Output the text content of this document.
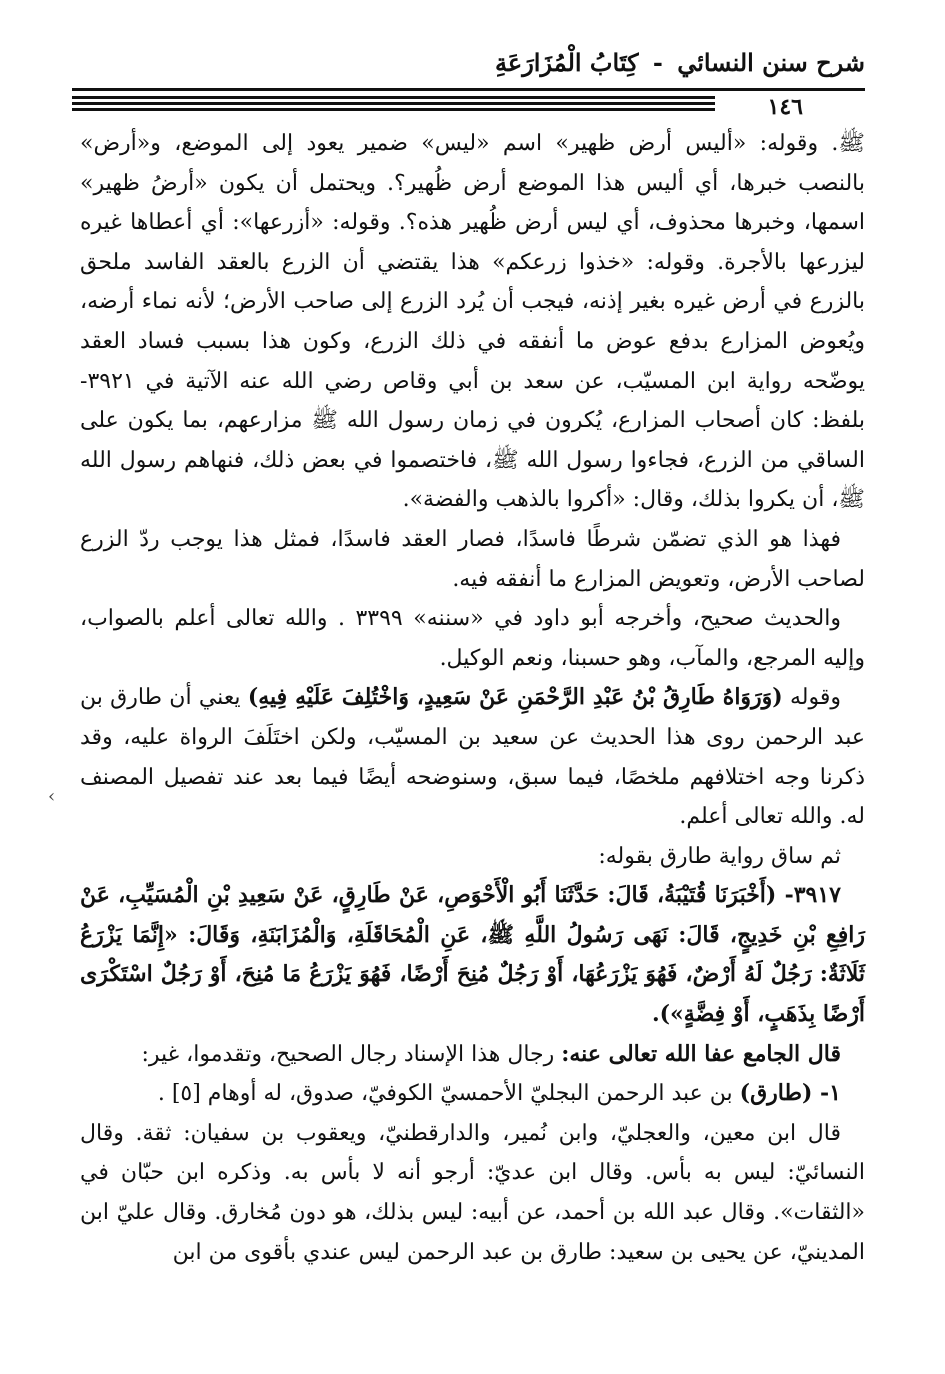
شرح سنن النسائي - كِتَابُ الْمُزَارَعَةِ
١٤٦

ﷺ. وقوله: «أليس أرض ظهير» اسم «ليس» ضمير يعود إلى الموضع، و«أرض» بالنصب خبرها، أي أليس هذا الموضع أرض ظُهير؟. ويحتمل أن يكون «أرضُ ظهير» اسمها، وخبرها محذوف، أي ليس أرض ظُهير هذه؟. وقوله: «أزرعها»: أي أعطاها غيره ليزرعها بالأجرة. وقوله: «خذوا زرعكم» هذا يقتضي أن الزرع بالعقد الفاسد ملحق بالزرع في أرض غيره بغير إذنه، فيجب أن يُرد الزرع إلى صاحب الأرض؛ لأنه نماء أرضه، ويُعوض المزارع بدفع عوض ما أنفقه في ذلك الزرع، وكون هذا بسبب فساد العقد يوضّحه رواية ابن المسيّب، عن سعد بن أبي وقاص رضي الله عنه الآتية في ٣٩٢١- بلفظ: كان أصحاب المزارع، يُكرون في زمان رسول الله ﷺ مزارعهم، بما يكون على الساقي من الزرع، فجاءوا رسول الله ﷺ، فاختصموا في بعض ذلك، فنهاهم رسول الله ﷺ، أن يكروا بذلك، وقال: «أكروا بالذهب والفضة».

فهذا هو الذي تضمّن شرطًا فاسدًا، فصار العقد فاسدًا، فمثل هذا يوجب ردّ الزرع لصاحب الأرض، وتعويض المزارع ما أنفقه فيه.

والحديث صحيح، وأخرجه أبو داود في «سننه» ٣٣٩٩ . والله تعالى أعلم بالصواب، وإليه المرجع، والمآب، وهو حسبنا، ونعم الوكيل.

وقوله (وَرَوَاهُ طَارِقُ بْنُ عَبْدِ الرَّحْمَنِ عَنْ سَعِيدٍ، وَاخْتُلِفَ عَلَيْهِ فِيهِ) يعني أن طارق بن عبد الرحمن روى هذا الحديث عن سعيد بن المسيّب، ولكن اختَلَفَ الرواة عليه، وقد ذكرنا وجه اختلافهم ملخصًا، فيما سبق، وسنوضحه أيضًا فيما بعد عند تفصيل المصنف له. والله تعالى أعلم.

ثم ساق رواية طارق بقوله:

٣٩١٧- (أَخْبَرَنَا قُتَيْبَةُ، قَالَ: حَدَّثَنَا أَبُو الْأَحْوَصِ، عَنْ طَارِقٍ، عَنْ سَعِيدِ بْنِ الْمُسَيِّبِ، عَنْ رَافِعِ بْنِ خَدِيجٍ، قَالَ: نَهَى رَسُولُ اللَّهِ ﷺ، عَنِ الْمُحَاقَلَةِ، وَالْمُزَابَنَةِ، وَقَالَ: «إِنَّمَا يَزْرَعُ ثَلَاثَةٌ: رَجُلٌ لَهُ أَرْضٌ، فَهُوَ يَزْرَعُهَا، أَوْ رَجُلٌ مُنِحَ أَرْضًا، فَهُوَ يَزْرَعُ مَا مُنِحَ، أَوْ رَجُلٌ اسْتَكْرَى أَرْضًا بِذَهَبٍ، أَوْ فِضَّةٍ»).

قال الجامع عفا الله تعالى عنه: رجال هذا الإسناد رجال الصحيح، وتقدموا، غير:

١- (طارق) بن عبد الرحمن البجليّ الأحمسيّ الكوفيّ، صدوق، له أوهام [٥] .

قال ابن معين، والعجليّ، وابن نُمير، والدارقطنيّ، ويعقوب بن سفيان: ثقة. وقال النسائيّ: ليس به بأس. وقال ابن عديّ: أرجو أنه لا بأس به. وذكره ابن حبّان في «الثقات». وقال عبد الله بن أحمد، عن أبيه: ليس بذلك، هو دون مُخارق. وقال عليّ ابن المدينيّ، عن يحيى بن سعيد: طارق بن عبد الرحمن ليس عندي بأقوى من ابن

‹
